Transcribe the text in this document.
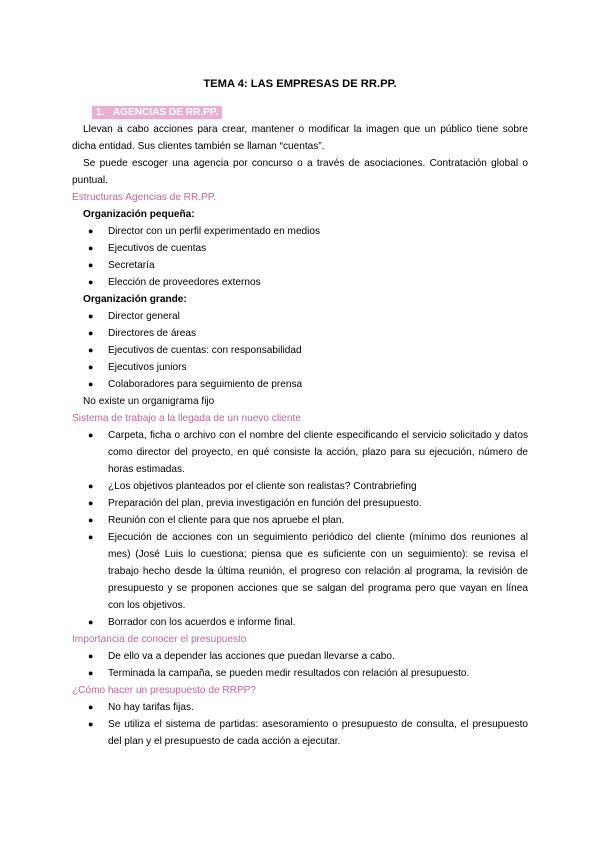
TEMA 4: LAS EMPRESAS DE RR.PP.

1.   AGENCIAS DE RR.PP.

Llevan a cabo acciones para crear, mantener o modificar la imagen que un público tiene sobre dicha entidad. Sus clientes también se llaman “cuentas”.

Se puede escoger una agencia por concurso o a través de asociaciones. Contratación global o puntual.

Estructuras Agencias de RR.PP.

Organización pequeña:

● Director con un perfil experimentado en medios
● Ejecutivos de cuentas
● Secretaría
● Elección de proveedores externos

Organización grande:

● Director general
● Directores de áreas
● Ejecutivos de cuentas: con responsabilidad
● Ejecutivos juniors
● Colaboradores para seguimiento de prensa

No existe un organigrama fijo

Sistema de trabajo a la llegada de un nuevo cliente

● Carpeta, ficha o archivo con el nombre del cliente especificando el servicio solicitado y datos como director del proyecto, en qué consiste la acción, plazo para su ejecución, número de horas estimadas.
● ¿Los objetivos planteados por el cliente son realistas? Contrabriefing
● Preparación del plan, previa investigación en función del presupuesto.
● Reunión con el cliente para que nos apruebe el plan.
● Ejecución de acciones con un seguimiento periódico del cliente (mínimo dos reuniones al mes) (José Luis lo cuestiona; piensa que es suficiente con un seguimiento): se revisa el trabajo hecho desde la última reunión, el progreso con relación al programa, la revisión de presupuesto y se proponen acciones que se salgan del programa pero que vayan en línea con los objetivos.
● Borrador con los acuerdos e informe final.

Importancia de conocer el presupuesto

● De ello va a depender las acciones que puedan llevarse a cabo.
● Terminada la campaña, se pueden medir resultados con relación al presupuesto.

¿Cómo hacer un presupuesto de RRPP?

● No hay tarifas fijas.
● Se utiliza el sistema de partidas: asesoramiento o presupuesto de consulta, el presupuesto del plan y el presupuesto de cada acción a ejecutar.
